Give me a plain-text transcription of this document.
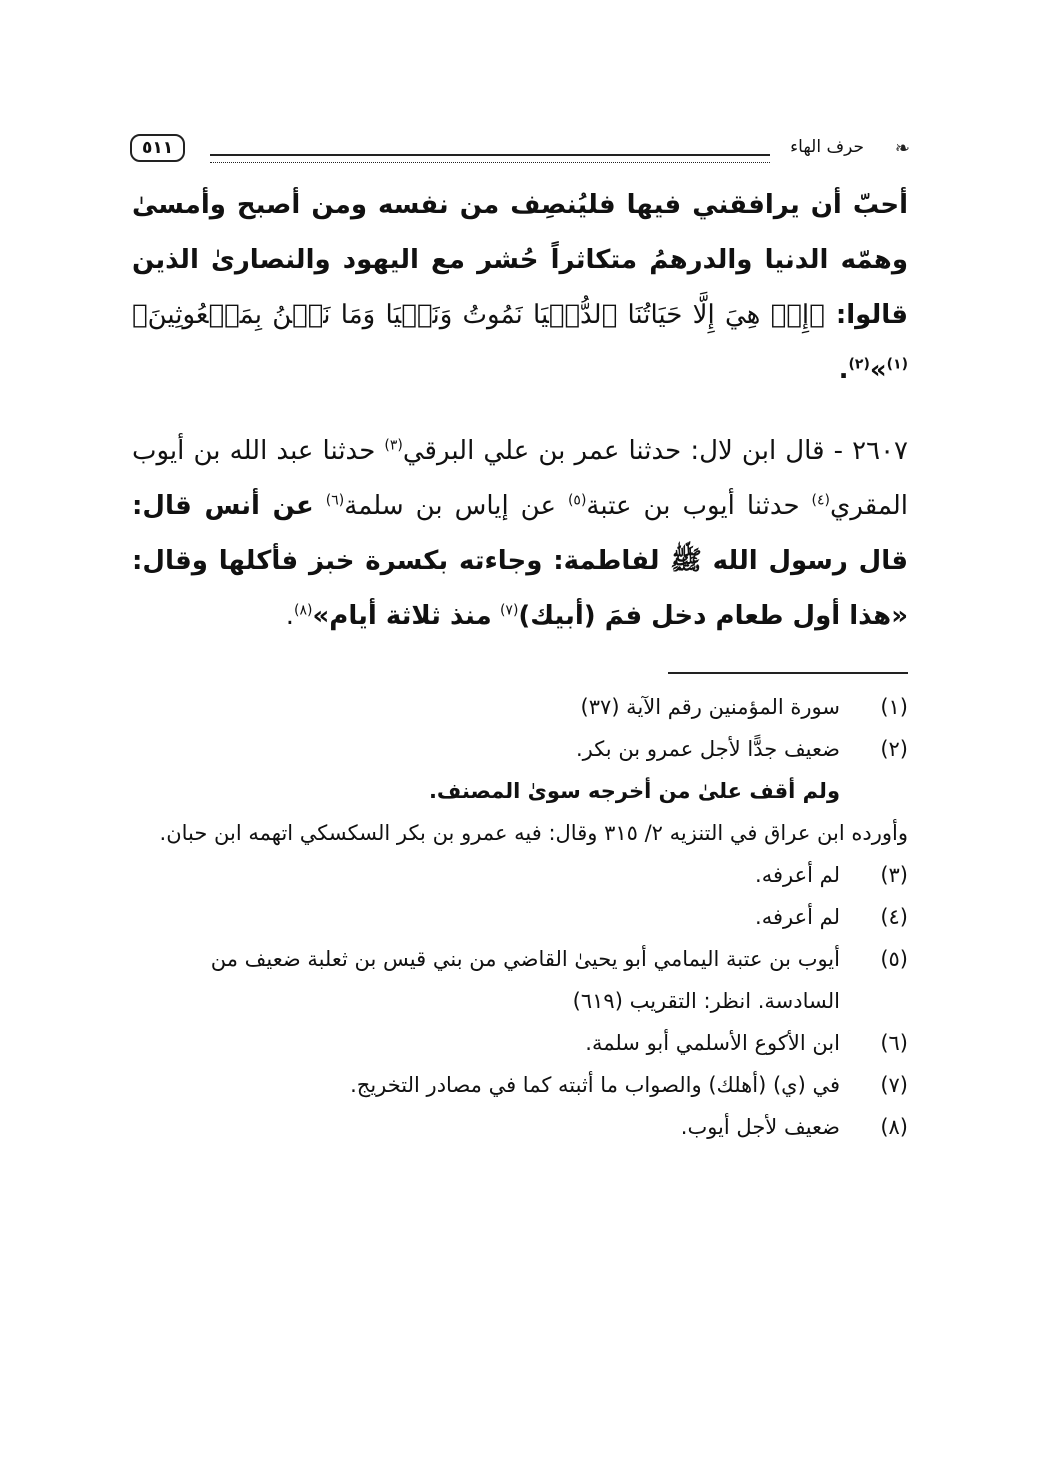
❧
حرف الهاء
٥١١

أحبّ أن يرافقني فيها فليُنصِف من نفسه ومن أصبح وأمسىٰ وهمّه الدنيا والدرهمُ متكاثراً حُشر مع اليهود والنصارىٰ الذين قالوا: ﴿إِنۡ هِيَ إِلَّا حَيَاتُنَا ٱلدُّنۡيَا نَمُوتُ وَنَحۡيَا وَمَا نَحۡنُ بِمَبۡعُوثِينَ﴾$^{(١)}$»$^{(٢)}$.

٢٦٠٧ - قال ابن لال: حدثنا عمر بن علي البرقي$^{(٣)}$ حدثنا عبد الله بن أيوب المقري$^{(٤)}$ حدثنا أيوب بن عتبة$^{(٥)}$ عن إياس بن سلمة$^{(٦)}$ عن أنس قال: قال رسول الله ﷺ لفاطمة: وجاءته بكسرة خبز فأكلها وقال: «هذا أول طعام دخل فمَ (أبيك)$^{(٧)}$ منذ ثلاثة أيام»$^{(٨)}$.

(١)
سورة المؤمنين رقم الآية (٣٧)
(٢)
ضعيف جدًّا لأجل عمرو بن بكر.
ولم أقف علىٰ من أخرجه سوىٰ المصنف.
وأورده ابن عراق في التنزيه ٢/ ٣١٥ وقال: فيه عمرو بن بكر السكسكي اتهمه ابن حبان.
(٣)
لم أعرفه.
(٤)
لم أعرفه.
(٥)
أيوب بن عتبة اليمامي أبو يحيىٰ القاضي من بني قيس بن ثعلبة ضعيف من السادسة. انظر: التقريب (٦١٩)
(٦)
ابن الأكوع الأسلمي أبو سلمة.
(٧)
في (ي) (أهلك) والصواب ما أثبته كما في مصادر التخريج.
(٨)
ضعيف لأجل أيوب.
